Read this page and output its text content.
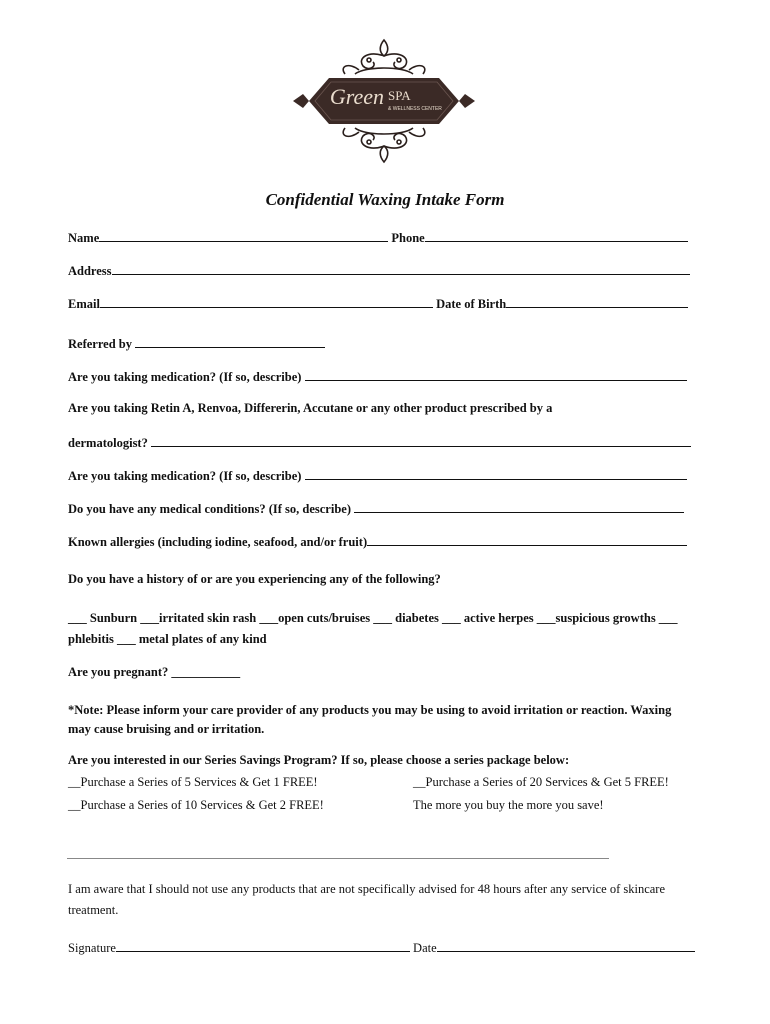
Green SPA
& WELLNESS CENTER
Confidential Waxing Intake Form
Name	Phone
Address
Email	Date of Birth
Referred by
Are you taking medication? (If so, describe)
Are you taking Retin A, Renvoa, Differerin, Accutane or any other product prescribed by a
dermatologist?
Are you taking medication? (If so, describe)
Do you have any medical conditions? (If so, describe)
Known allergies (including iodine, seafood, and/or fruit)
Do you have a history of or are you experiencing any of the following?
___ Sunburn ___irritated skin rash ___open cuts/bruises ___ diabetes ___ active herpes ___suspicious growths ___
phlebitis ___ metal plates of any kind
Are you pregnant? ___________
*Note: Please inform your care provider of any products you may be using to avoid irritation or reaction. Waxing
may cause bruising and or irritation.
Are you interested in our Series Savings Program? If so, please choose a series package below:
__Purchase a Series of 5 Services & Get 1 FREE!	__Purchase a Series of 20 Services & Get 5 FREE!
__Purchase a Series of 10 Services & Get 2 FREE!	The more you buy the more you save!
I am aware that I should not use any products that are not specifically advised for 48 hours after any service of skincare
treatment.
Signature	Date
